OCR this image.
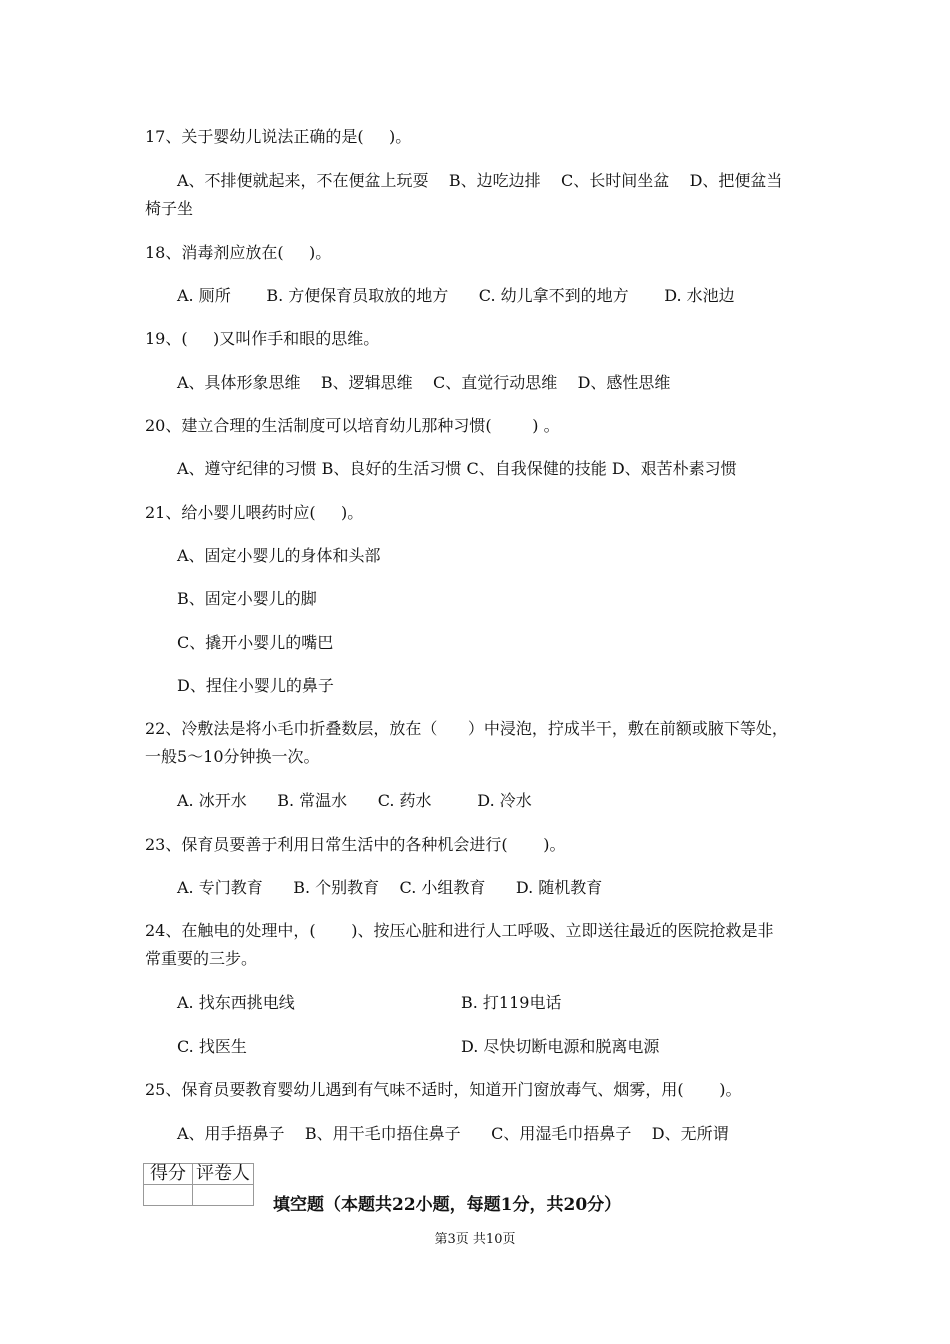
17、关于婴幼儿说法正确的是(     )。
A、不排便就起来，不在便盆上玩耍    B、边吃边排    C、长时间坐盆    D、把便盆当
椅子坐
18、消毒剂应放在(     )。
A. 厕所       B. 方便保育员取放的地方      C. 幼儿拿不到的地方       D. 水池边
19、(     )又叫作手和眼的思维。
A、具体形象思维    B、逻辑思维    C、直觉行动思维    D、感性思维
20、建立合理的生活制度可以培育幼儿那种习惯(        ) 。
A、遵守纪律的习惯 B、良好的生活习惯 C、自我保健的技能 D、艰苦朴素习惯
21、给小婴儿喂药时应(     )。
A、固定小婴儿的身体和头部
B、固定小婴儿的脚
C、撬开小婴儿的嘴巴
D、捏住小婴儿的鼻子
22、冷敷法是将小毛巾折叠数层，放在（      ）中浸泡，拧成半干，敷在前额或腋下等处，
一般5～10分钟换一次。
A. 冰开水      B. 常温水      C. 药水         D. 冷水
23、保育员要善于利用日常生活中的各种机会进行(       )。
A. 专门教育      B. 个别教育    C. 小组教育      D. 随机教育
24、在触电的处理中，(       )、按压心脏和进行人工呼吸、立即送往最近的医院抢救是非
常重要的三步。
A. 找东西挑电线	B. 打119电话
C. 找医生	D. 尽快切断电源和脱离电源
25、保育员要教育婴幼儿遇到有气味不适时，知道开门窗放毒气、烟雾，用(       )。
A、用手捂鼻子    B、用干毛巾捂住鼻子      C、用湿毛巾捂鼻子    D、无所谓
得分	评卷人

填空题（本题共22小题，每题1分，共20分）
第3页 共10页
